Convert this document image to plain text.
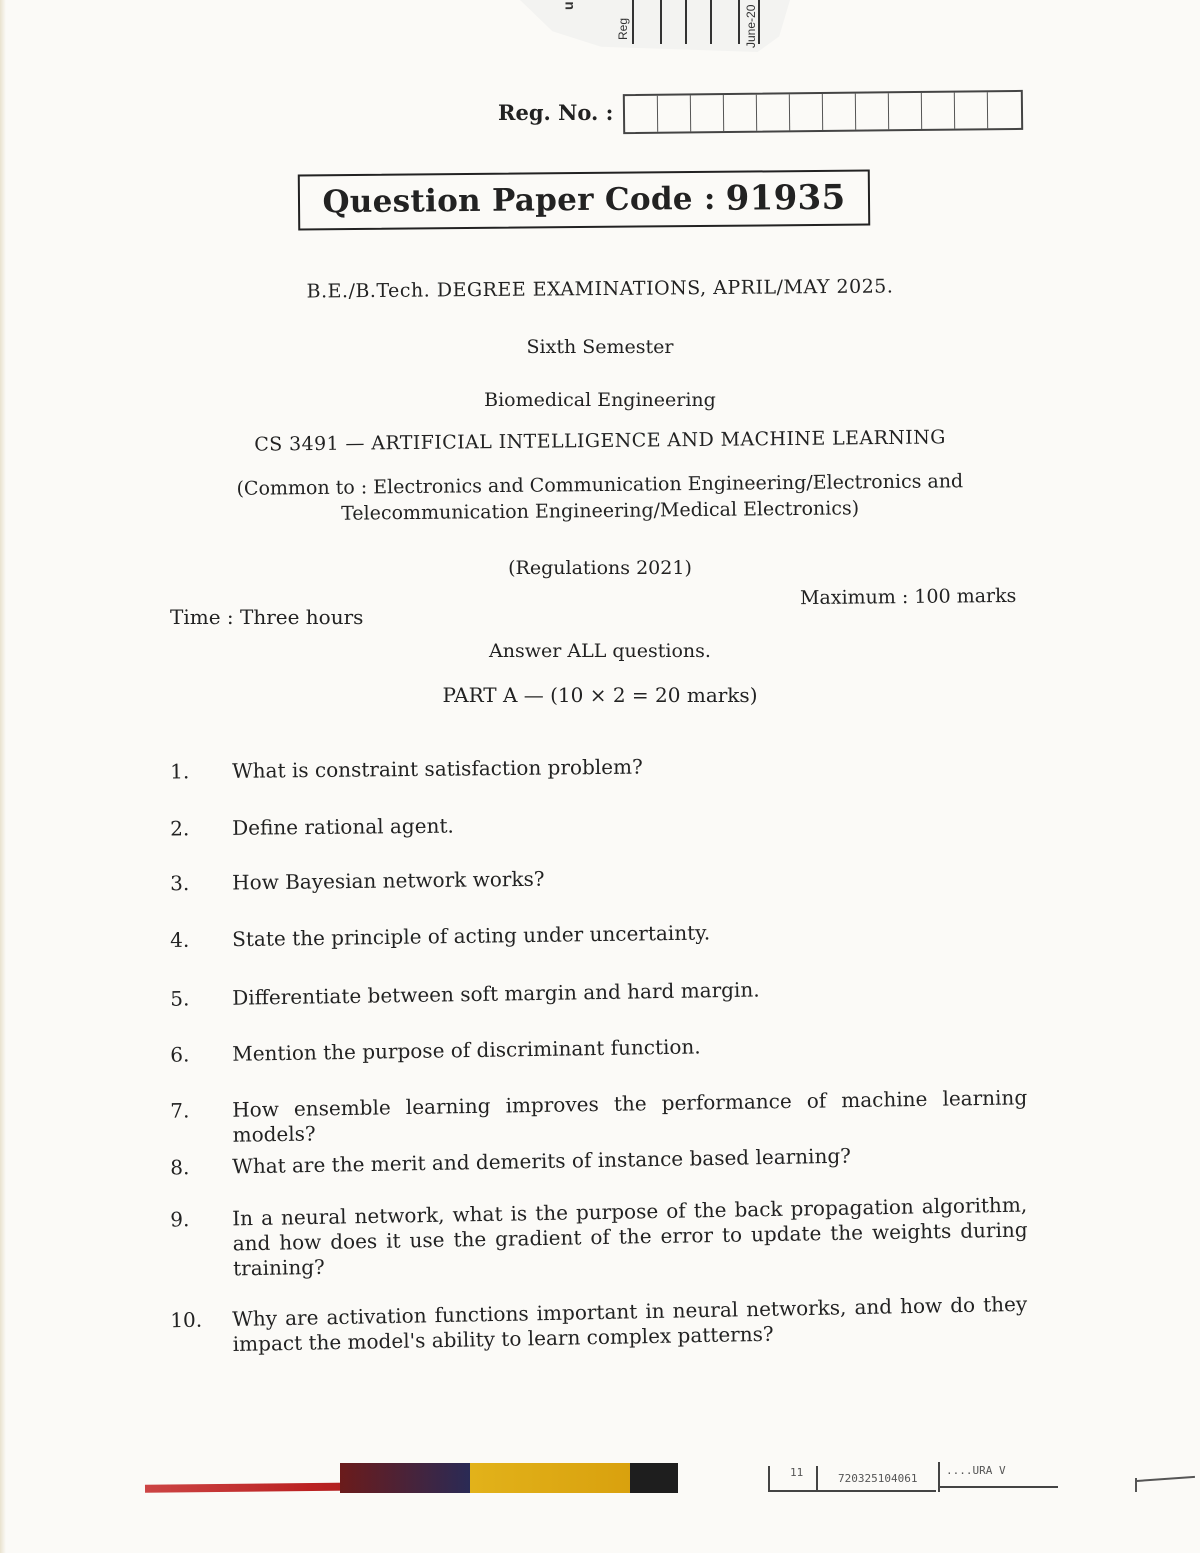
Reg	June-20
u
Reg. No. :
Question Paper Code : 91935
B.E./B.Tech. DEGREE EXAMINATIONS, APRIL/MAY 2025.
Sixth Semester
Biomedical Engineering
CS 3491 — ARTIFICIAL INTELLIGENCE AND MACHINE LEARNING
(Common to : Electronics and Communication Engineering/Electronics and
Telecommunication Engineering/Medical Electronics)
(Regulations 2021)
Time : Three hours
Maximum : 100 marks
Answer ALL questions.
PART A — (10 × 2 = 20 marks)
1. What is constraint satisfaction problem?
2. Define rational agent.
3. How Bayesian network works?
4. State the principle of acting under uncertainty.
5. Differentiate between soft margin and hard margin.
6. Mention the purpose of discriminant function.
7. How ensemble learning improves the performance of machine learning models?
8. What are the merit and demerits of instance based learning?
9. In a neural network, what is the purpose of the back propagation algorithm, and how does it use the gradient of the error to update the weights during training?
10. Why are activation functions important in neural networks, and how do they impact the model's ability to learn complex patterns?
11	720325104061
....URA V
